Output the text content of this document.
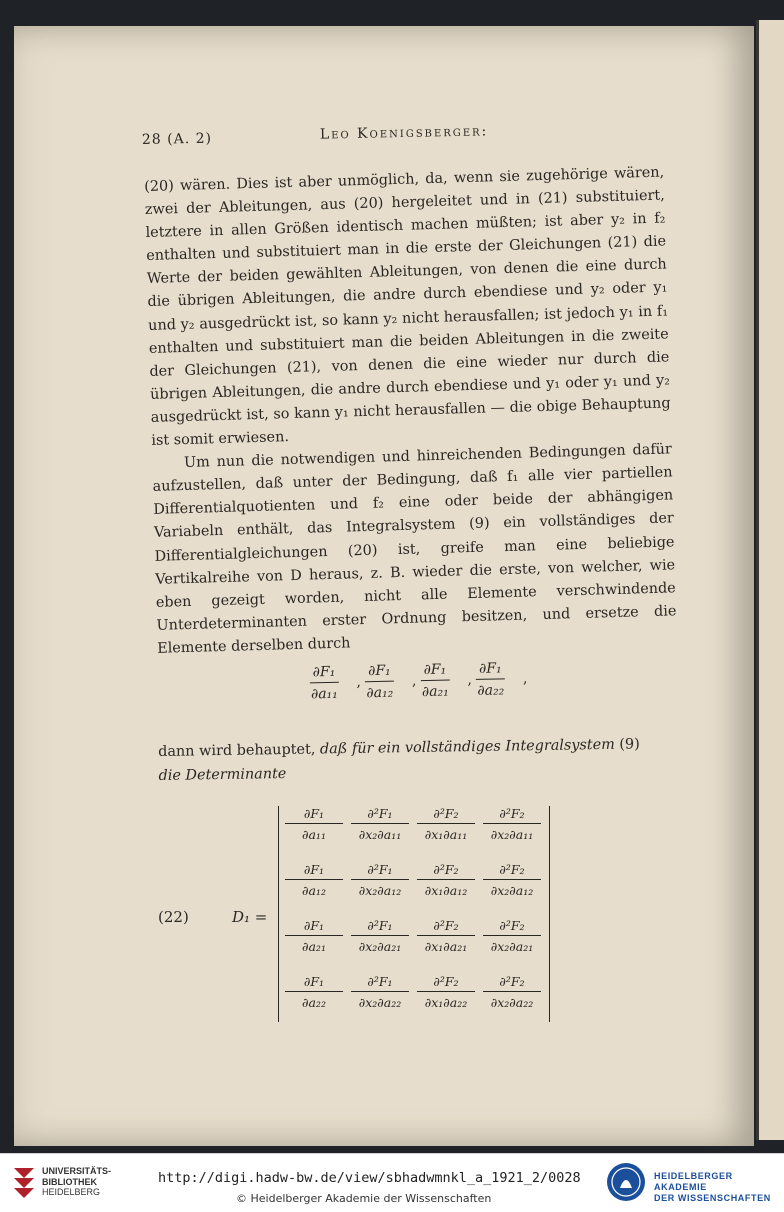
28 (A. 2)	Leo Koenigsberger:

(20) wären. Dies ist aber unmöglich, da, wenn sie zugehörige wären, zwei der Ableitungen, aus (20) hergeleitet und in (21) substituiert, letztere in allen Größen identisch machen müßten; ist aber y₂ in f₂ enthalten und substituiert man in die erste der Gleichungen (21) die Werte der beiden gewählten Ableitungen, von denen die eine durch die übrigen Ableitungen, die andre durch ebendiese und y₂ oder y₁ und y₂ ausgedrückt ist, so kann y₂ nicht herausfallen; ist jedoch y₁ in f₁ enthalten und substituiert man die beiden Ableitungen in die zweite der Gleichungen (21), von denen die eine wieder nur durch die übrigen Ableitungen, die andre durch ebendiese und y₁ oder y₁ und y₂ ausgedrückt ist, so kann y₁ nicht herausfallen — die obige Behauptung ist somit erwiesen.

Um nun die notwendigen und hinreichenden Bedingungen dafür aufzustellen, daß unter der Bedingung, daß f₁ alle vier partiellen Differentialquotienten und f₂ eine oder beide der abhängigen Variabeln enthält, das Integralsystem (9) ein vollständiges der Differentialgleichungen (20) ist, greife man eine beliebige Vertikalreihe von D heraus, z. B. wieder die erste, von welcher, wie eben gezeigt worden, nicht alle Elemente verschwindende Unterdeterminanten erster Ordnung besitzen, und ersetze die Elemente derselben durch

$\frac{\text{∂F₁}}{\text{∂a₁₁}}$ , $\frac{\text{∂F₁}}{\text{∂a₁₂}}$ , $\frac{\text{∂F₁}}{\text{∂a₂₁}}$ , $\frac{\text{∂F₁}}{\text{∂a₂₂}}$ ,
dann wird behauptet, daß für ein vollständiges Integralsystem (9)
die Determinante
(22)	D₁ =
∂F₁
∂a₁₁
∂²F₁
∂x₂∂a₁₁
∂²F₂
∂x₁∂a₁₁
∂²F₂
∂x₂∂a₁₁
∂F₁
∂a₁₂
∂²F₁
∂x₂∂a₁₂
∂²F₂
∂x₁∂a₁₂
∂²F₂
∂x₂∂a₁₂
∂F₁
∂a₂₁
∂²F₁
∂x₂∂a₂₁
∂²F₂
∂x₁∂a₂₁
∂²F₂
∂x₂∂a₂₁
∂F₁
∂a₂₂
∂²F₁
∂x₂∂a₂₂
∂²F₂
∂x₁∂a₂₂
∂²F₂
∂x₂∂a₂₂
UNIVERSITÄTS-
BIBLIOTHEK
HEIDELBERG
http://digi.hadw-bw.de/view/sbhadwmnkl_a_1921_2/0028
© Heidelberger Akademie der Wissenschaften
HEIDELBERGER AKADEMIE
DER WISSENSCHAFTEN
